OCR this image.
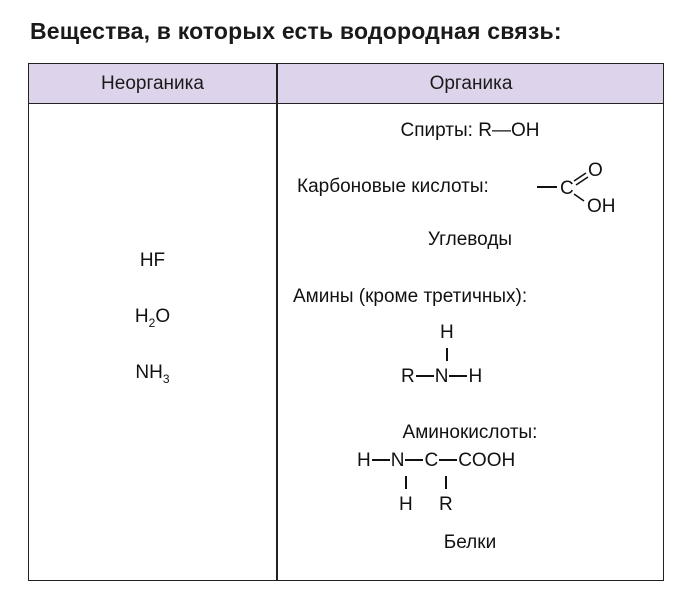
Вещества, в которых есть водородная связь:
Неорганика	Органика
HF
$H_2O$
$NH_3$
Спирты: R—OH
Карбоновые кислоты:	C
O
OH
Углеводы
Амины (кроме третичных):
H
R N H
Аминокислоты:
H N C COOH
H R
Белки
